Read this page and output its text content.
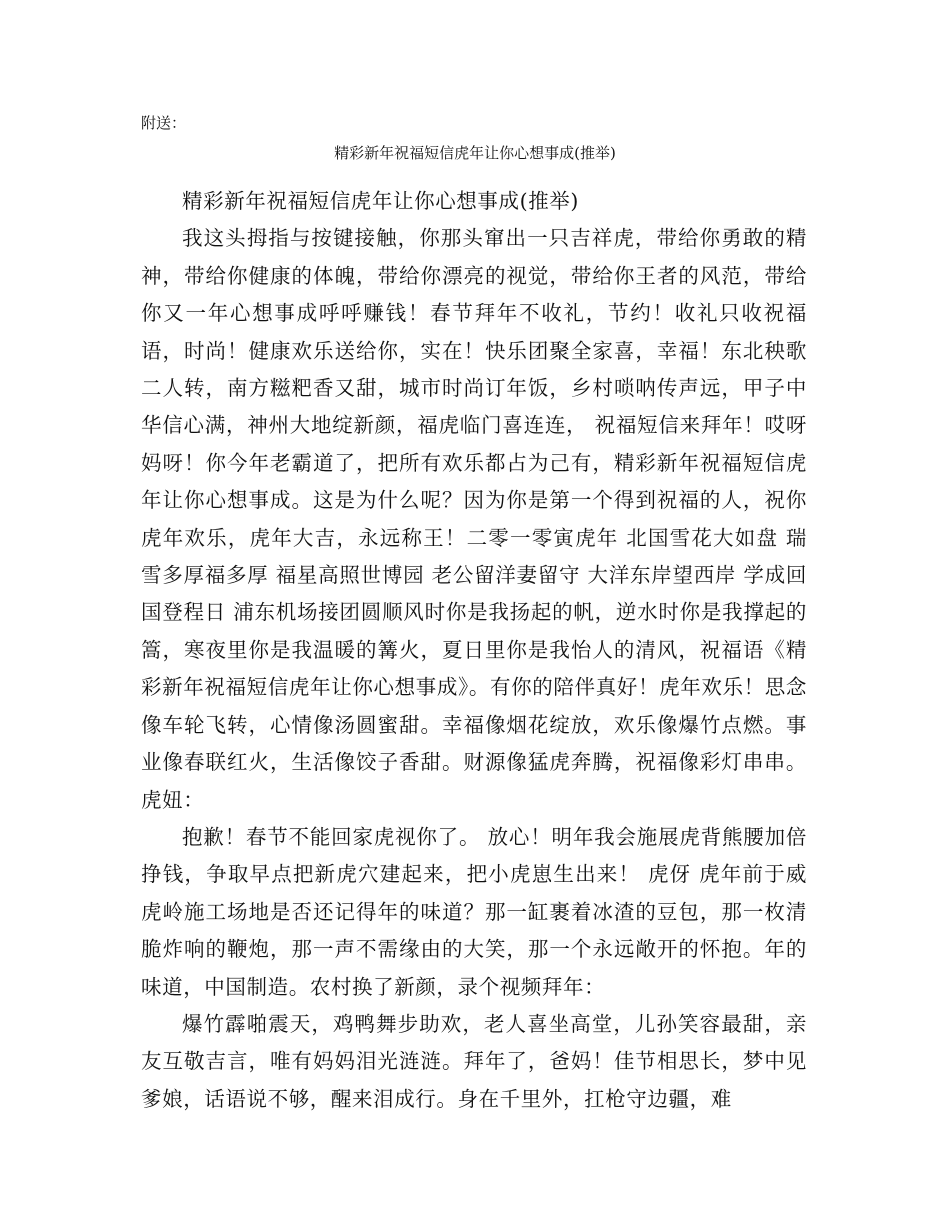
附送：
精彩新年祝福短信虎年让你心想事成(推举)

精彩新年祝福短信虎年让你心想事成(推举)

我这头拇指与按键接触，你那头窜出一只吉祥虎，带给你勇敢的精神，带给你健康的体魄，带给你漂亮的视觉，带给你王者的风范，带给你又一年心想事成呼呼赚钱！春节拜年不收礼，节约！收礼只收祝福语，时尚！健康欢乐送给你，实在！快乐团聚全家喜，幸福！东北秧歌二人转，南方糍粑香又甜，城市时尚订年饭，乡村唢呐传声远，甲子中华信心满，神州大地绽新颜，福虎临门喜连连， 祝福短信来拜年！哎呀妈呀！你今年老霸道了，把所有欢乐都占为己有，精彩新年祝福短信虎年让你心想事成。这是为什么呢？因为你是第一个得到祝福的人，祝你虎年欢乐，虎年大吉，永远称王！二零一零寅虎年 北国雪花大如盘 瑞雪多厚福多厚 福星高照世博园 老公留洋妻留守 大洋东岸望西岸 学成回国登程日 浦东机场接团圆顺风时你是我扬起的帆，逆水时你是我撑起的篙，寒夜里你是我温暖的篝火，夏日里你是我怡人的清风，祝福语《精彩新年祝福短信虎年让你心想事成》。有你的陪伴真好！虎年欢乐！思念像车轮飞转，心情像汤圆蜜甜。幸福像烟花绽放，欢乐像爆竹点燃。事业像春联红火，生活像饺子香甜。财源像猛虎奔腾，祝福像彩灯串串。虎妞：

抱歉！春节不能回家虎视你了。 放心！明年我会施展虎背熊腰加倍挣钱，争取早点把新虎穴建起来，把小虎崽生出来！ 虎伢 虎年前于威虎岭施工场地是否还记得年的味道？那一缸裹着冰渣的豆包，那一枚清脆炸响的鞭炮，那一声不需缘由的大笑，那一个永远敞开的怀抱。年的味道，中国制造。农村换了新颜，录个视频拜年：

爆竹霹啪震天，鸡鸭舞步助欢，老人喜坐高堂，儿孙笑容最甜，亲友互敬吉言，唯有妈妈泪光涟涟。拜年了，爸妈！佳节相思长，梦中见爹娘，话语说不够，醒来泪成行。身在千里外，扛枪守边疆，难
